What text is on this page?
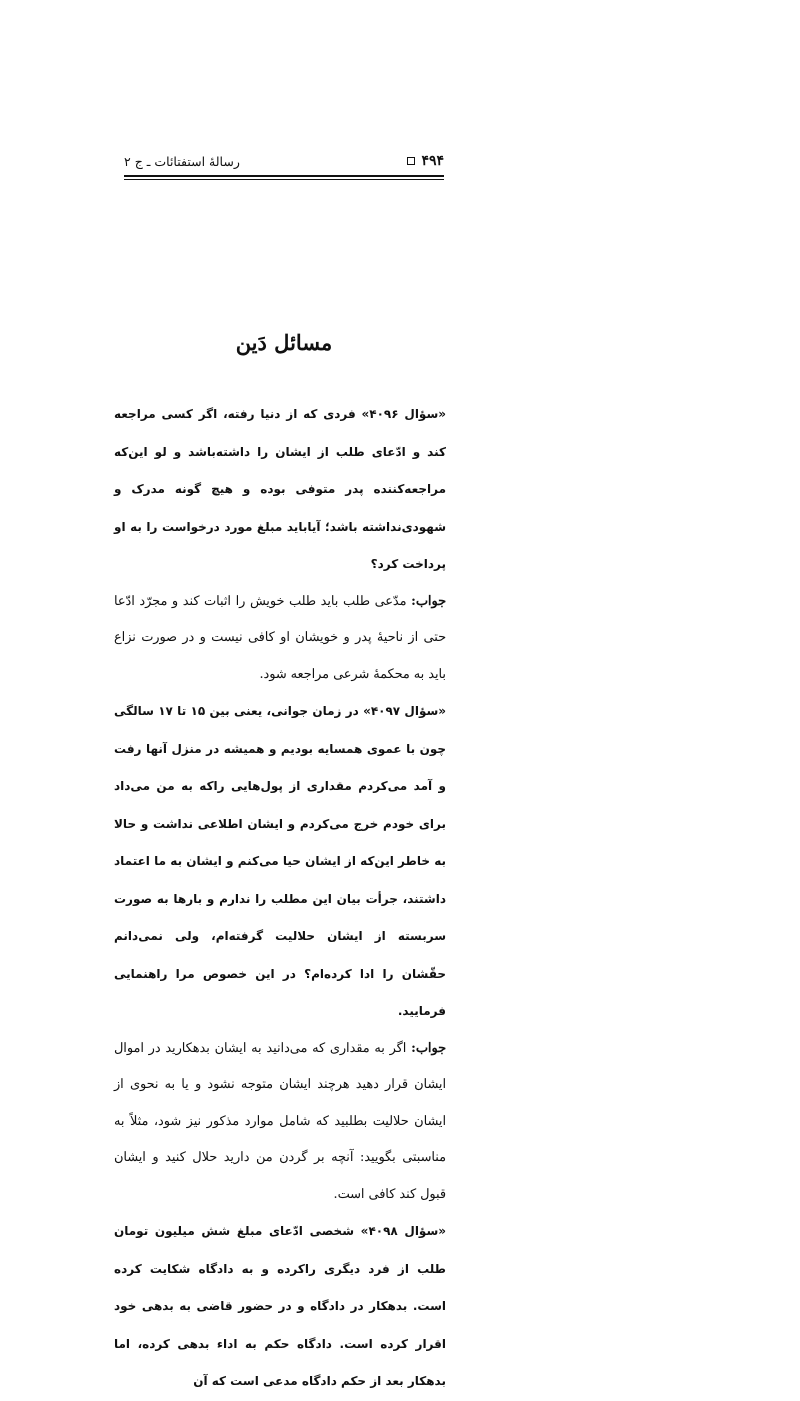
۴۹۴
رسالهٔ استفتائات ـ ج ۲
مسائل دَین

«سؤال ۴۰۹۶» فردی که از دنیا رفته، اگر کسی مراجعه کند و ادّعای طلب از ایشان را داشته‌باشد و لو این‌که مراجعه‌کننده پدر متوفی بوده و هیچ گونه مدرک و شهودی‌نداشته باشد؛ آیا‌باید مبلغ مورد درخواست را به او پرداخت کرد؟

جواب: مدّعی طلب باید طلب خویش را اثبات کند و مجرّد ادّعا حتی از ناحیهٔ پدر و خویشان او کافی نیست و در صورت نزاع باید به محکمهٔ شرعی مراجعه شود.

«سؤال ۴۰۹۷» در زمان جوانی، یعنی بین ۱۵ تا ۱۷ سالگی چون با عموی همسایه بودیم و همیشه در منزل آنها رفت و آمد می‌کردم مقداری از پول‌هایی را‌که به من می‌داد برای خودم خرج می‌کردم و ایشان اطلاعی نداشت و حالا به خاطر این‌که از ایشان حیا می‌کنم و ایشان به ما اعتماد داشتند، جرأت بیان این مطلب را ندارم و بارها به صورت سربسته از ایشان حلالیت گرفته‌ام، ولی نمی‌دانم حقّشان را ادا کرده‌ام؟ در این خصوص مرا راهنمایی فرمایید.

جواب: اگر به مقداری که می‌دانید به ایشان بدهکارید در اموال ایشان قرار دهید هرچند ایشان متوجه نشود و یا به نحوی از ایشان حلالیت بطلبید که شامل موارد مذکور نیز شود، مثلاً به مناسبتی بگویید: آنچه بر گردن من دارید حلال کنید و ایشان قبول کند کافی است.

«سؤال ۴۰۹۸» شخصی ادّعای مبلغ شش میلیون تومان طلب از فرد دیگری را‌کرده و به دادگاه شکایت کرده است. بدهکار در دادگاه و در حضور قاضی به بدهی خود اقرار کرده است. دادگاه حکم به اداء بدهی کرده، اما بدهکار بعد از حکم دادگاه مدعی است که آن
